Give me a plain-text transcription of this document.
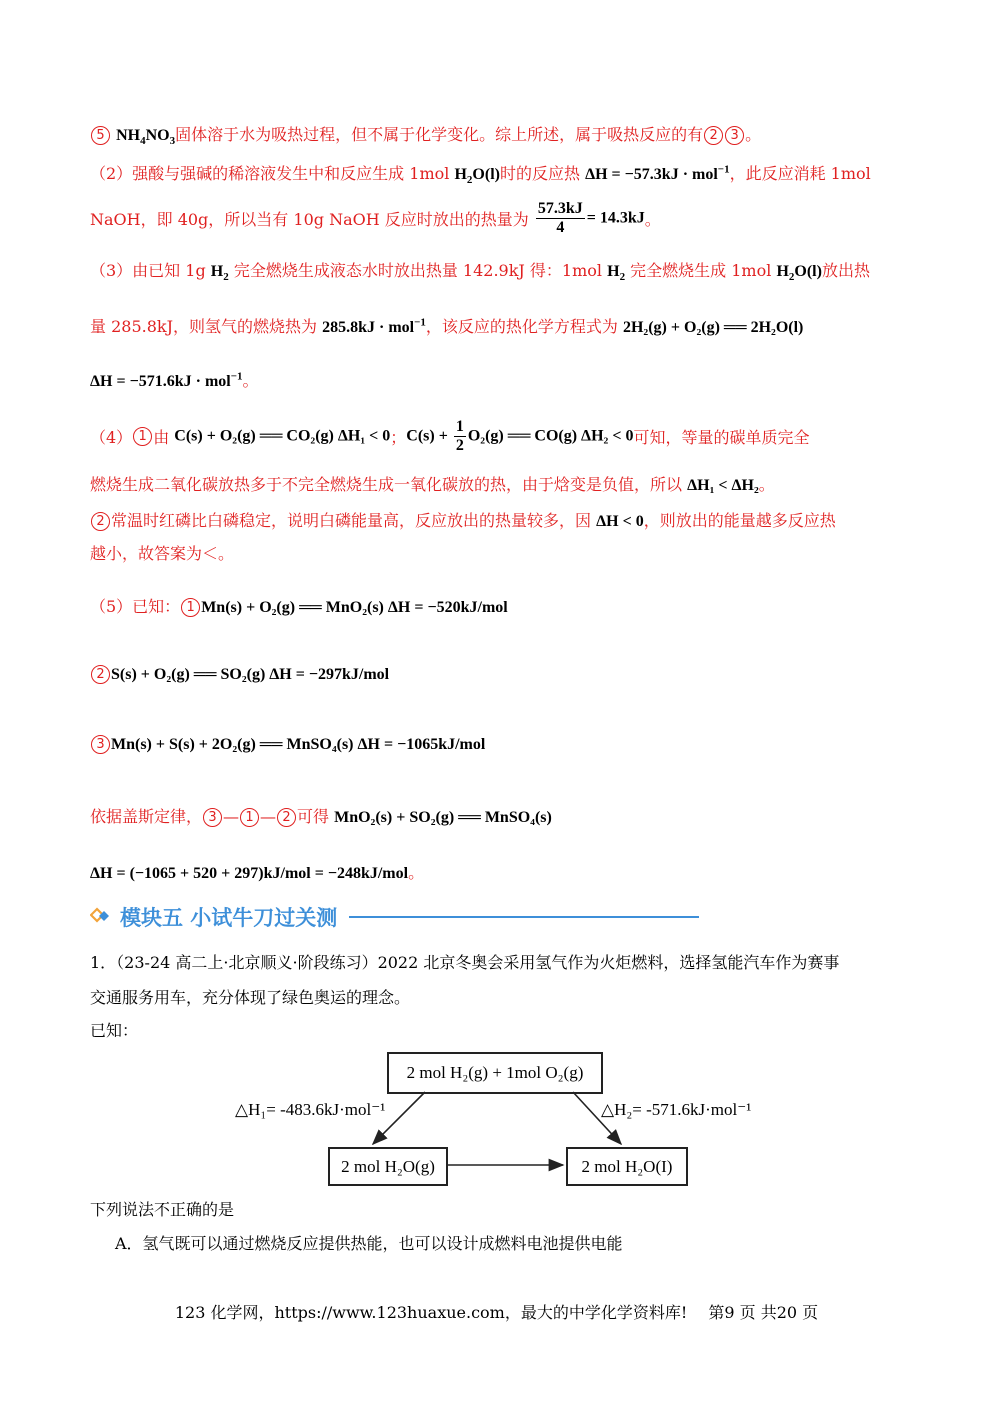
5 $NH_4NO_3$固体溶于水为吸热过程，但不属于化学变化。综上所述，属于吸热反应的有 2 3 。
（2）强酸与强碱的稀溶液发生中和反应生成 1mol $H_2O(l)$时的反应热 ΔH = −57.3kJ · mol$^{-1}$，此反应消耗 1mol
NaOH，即 40g，所以当有 10g NaOH 反应时放出的热量为 $\frac{57.3kJ}{4} = 14.3kJ$。
（3）由已知 1g $H_2$ 完全燃烧生成液态水时放出热量 142.9kJ 得：1mol $H_2$ 完全燃烧生成 1mol $H_2O(l)$放出热
量 285.8kJ，则氢气的燃烧热为 285.8kJ · mol$^{-1}$，该反应的热化学方程式为 2H₂(g) + O₂(g) ══ 2H₂O(l)
ΔH = −571.6kJ · mol$^{-1}$。
（4） 1 由 C(s) + O₂(g) ══ CO₂(g) ΔH₁ < 0；$C(s) + \frac{1}{2} O_2(g)$ ══ CO(g) ΔH₂ < 0可知，等量的碳单质完全
燃烧生成二氧化碳放热多于不完全燃烧生成一氧化碳放的热，由于焓变是负值，所以 ΔH₁ < ΔH₂。
2 常温时红磷比白磷稳定，说明白磷能量高，反应放出的热量较多，因 ΔH < 0，则放出的能量越多反应热
越小，故答案为＜。
（5）已知： 1 Mn(s) + O₂(g) ══ MnO₂(s) ΔH = −520kJ/mol
2 S(s) + O₂(g) ══ SO₂(g) ΔH = −297kJ/mol
3 Mn(s) + S(s) + 2O₂(g) ══ MnSO₄(s) ΔH = −1065kJ/mol
依据盖斯定律， 3 — 1 — 2 可得 MnO₂(s) + SO₂(g) ══ MnSO₄(s)
ΔH = (−1065 + 520 + 297)kJ/mol = −248kJ/mol。
模块五 小试牛刀过关测
1．（23-24 高二上·北京顺义·阶段练习）2022 北京冬奥会采用氢气作为火炬燃料，选择氢能汽车作为赛事
交通服务用车，充分体现了绿色奥运的理念。
已知：
2 mol H₂(g) + 1mol O₂(g)
2 mol H₂O(g)	2 mol H₂O(I)
△H₁= -483.6kJ·mol⁻¹	△H₂= -571.6kJ·mol⁻¹
下列说法不正确的是
A．氢气既可以通过燃烧反应提供热能，也可以设计成燃料电池提供电能
123 化学网，https://www.123huaxue.com，最大的中学化学资料库!　 第9 页 共20 页
